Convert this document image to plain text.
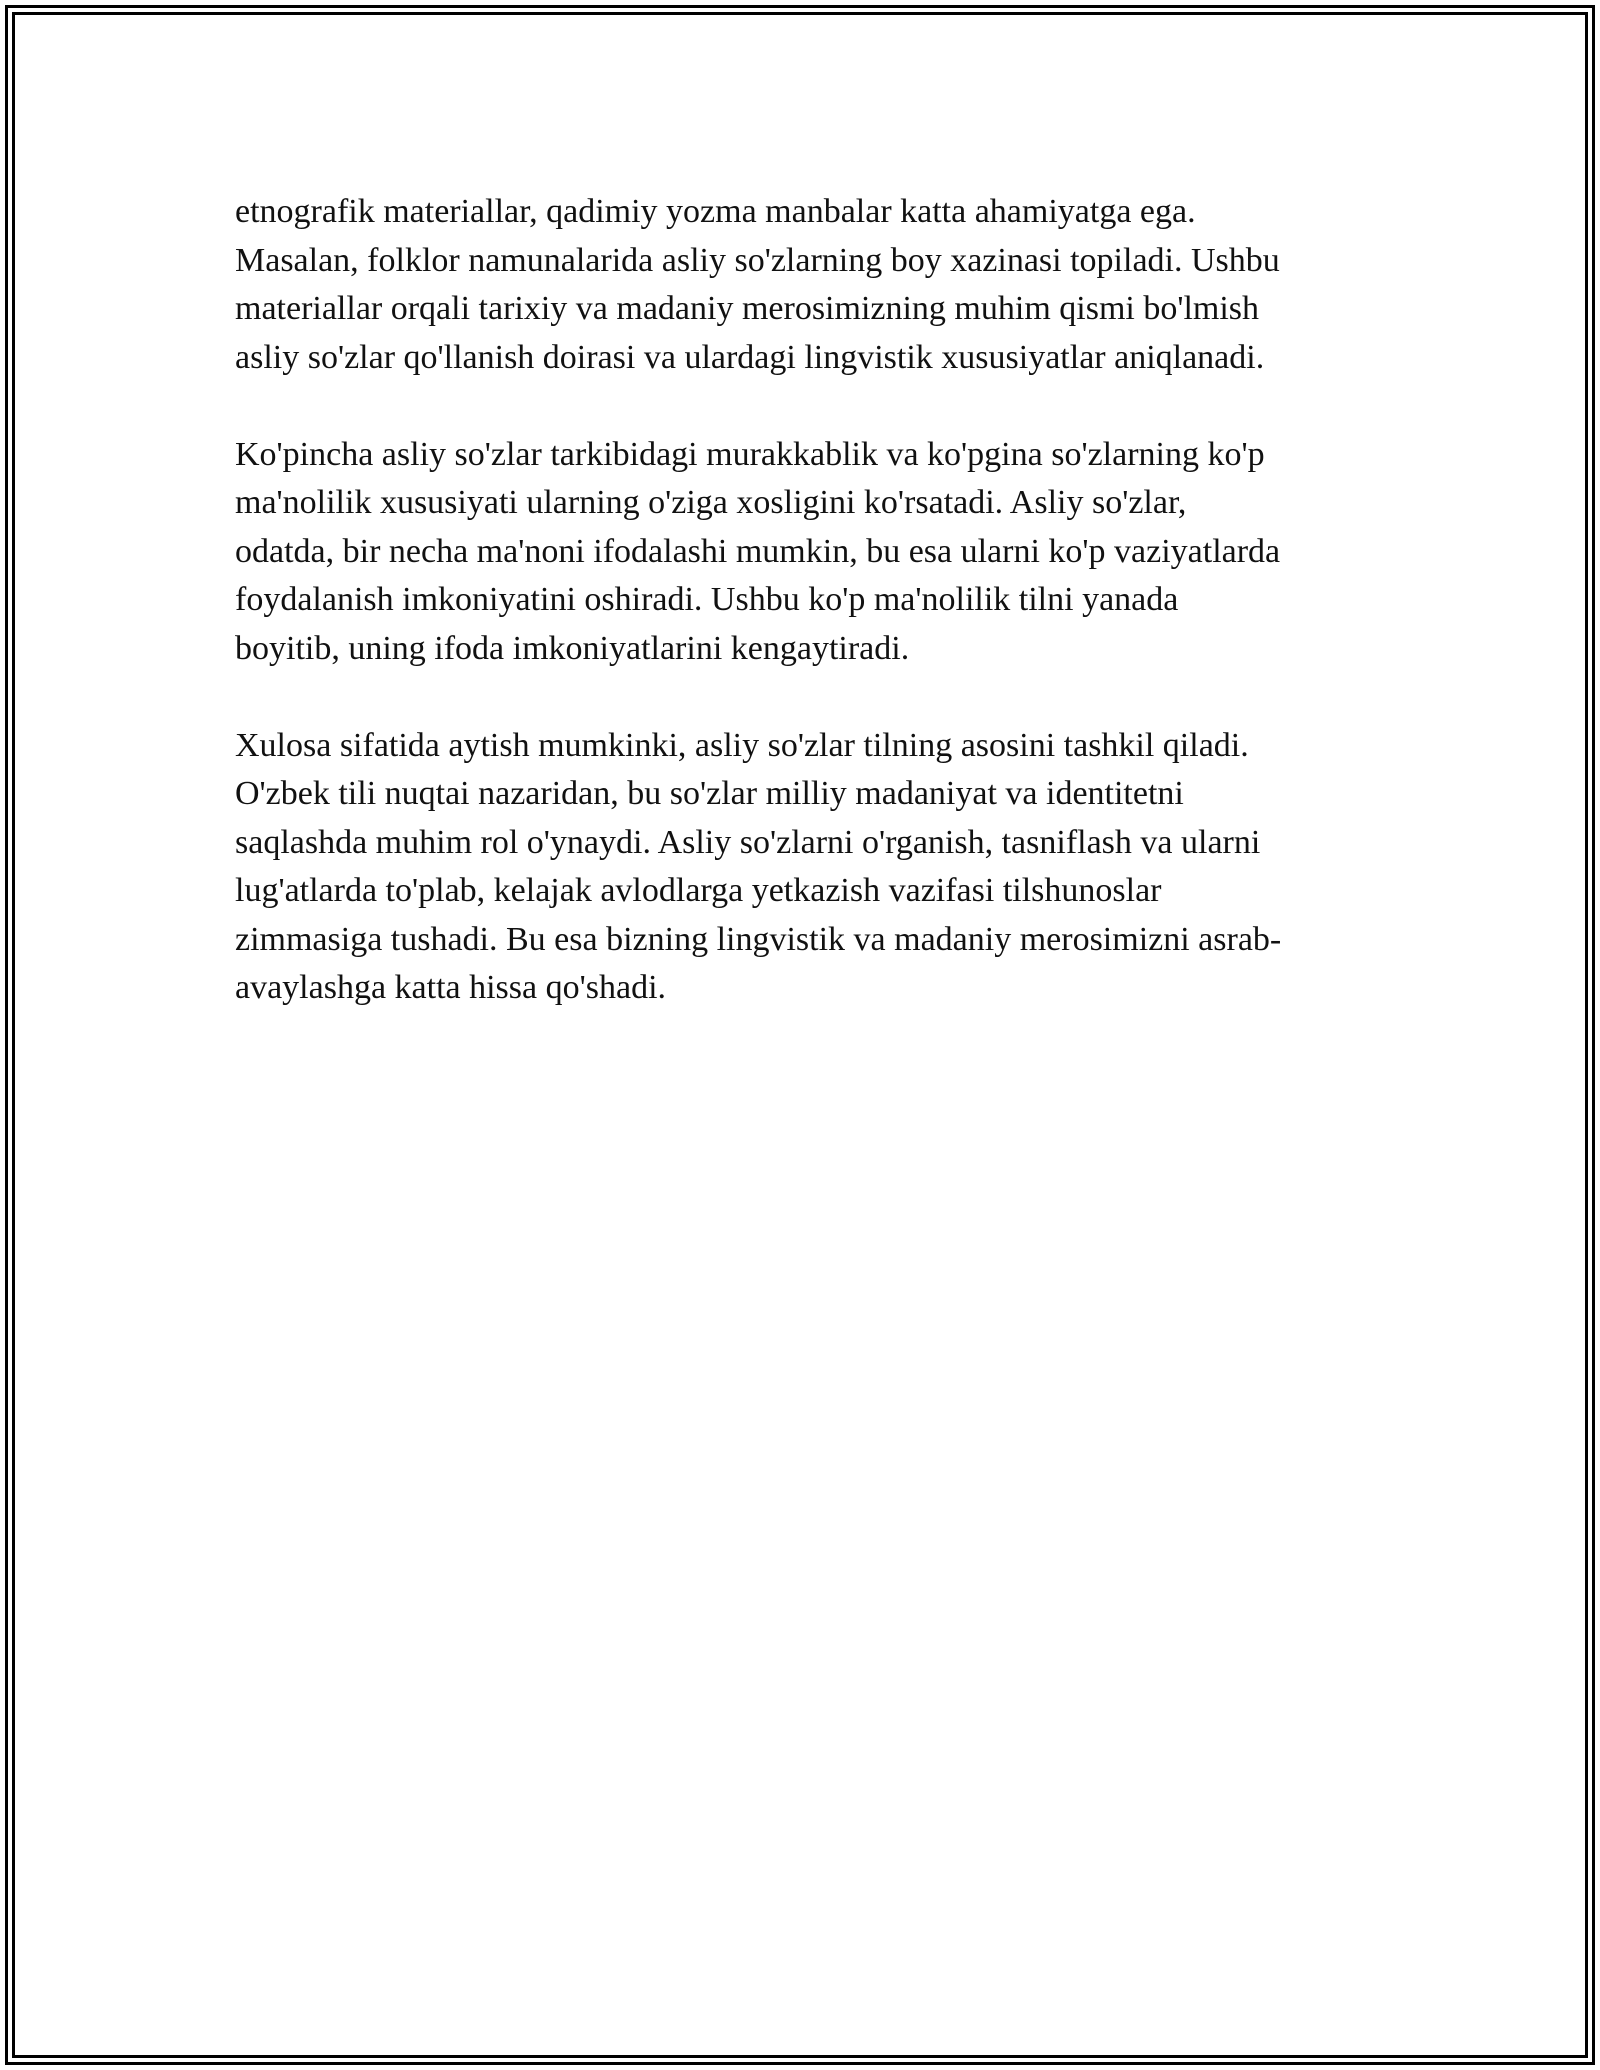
etnografik materiallar, qadimiy yozma manbalar katta ahamiyatga ega.
Masalan, folklor namunalarida asliy so'zlarning boy xazinasi topiladi. Ushbu
materiallar orqali tarixiy va madaniy merosimizning muhim qismi bo'lmish
asliy so'zlar qo'llanish doirasi va ulardagi lingvistik xususiyatlar aniqlanadi.

Ko'pincha asliy so'zlar tarkibidagi murakkablik va ko'pgina so'zlarning ko'p
ma'nolilik xususiyati ularning o'ziga xosligini ko'rsatadi. Asliy so'zlar,
odatda, bir necha ma'noni ifodalashi mumkin, bu esa ularni ko'p vaziyatlarda
foydalanish imkoniyatini oshiradi. Ushbu ko'p ma'nolilik tilni yanada
boyitib, uning ifoda imkoniyatlarini kengaytiradi.

Xulosa sifatida aytish mumkinki, asliy so'zlar tilning asosini tashkil qiladi.
O'zbek tili nuqtai nazaridan, bu so'zlar milliy madaniyat va identitetni
saqlashda muhim rol o'ynaydi. Asliy so'zlarni o'rganish, tasniflash va ularni
lug'atlarda to'plab, kelajak avlodlarga yetkazish vazifasi tilshunoslar
zimmasiga tushadi. Bu esa bizning lingvistik va madaniy merosimizni asrab-
avaylashga katta hissa qo'shadi.
